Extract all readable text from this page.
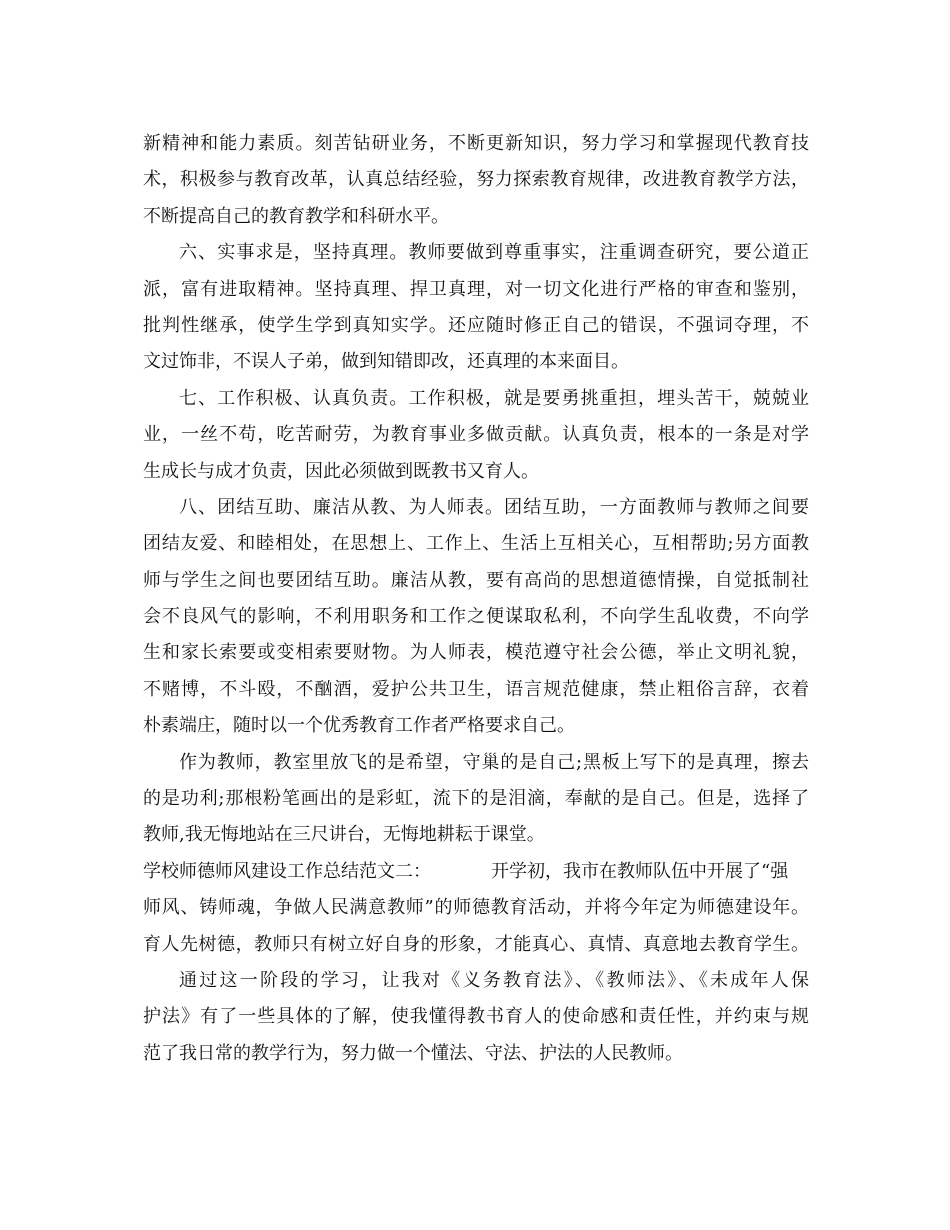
新精神和能力素质。刻苦钻研业务，不断更新知识，努力学习和掌握现代教育技
术，积极参与教育改革，认真总结经验，努力探索教育规律，改进教育教学方法，
不断提高自己的教育教学和科研水平。
六、实事求是，坚持真理。教师要做到尊重事实，注重调查研究，要公道正
派，富有进取精神。坚持真理、捍卫真理，对一切文化进行严格的审查和鉴别，
批判性继承，使学生学到真知实学。还应随时修正自己的错误，不强词夺理，不
文过饰非，不误人子弟，做到知错即改，还真理的本来面目。
七、工作积极、认真负责。工作积极，就是要勇挑重担，埋头苦干，兢兢业
业，一丝不苟，吃苦耐劳，为教育事业多做贡献。认真负责，根本的一条是对学
生成长与成才负责，因此必须做到既教书又育人。
八、团结互助、廉洁从教、为人师表。团结互助，一方面教师与教师之间要
团结友爱、和睦相处，在思想上、工作上、生活上互相关心，互相帮助;另方面教
师与学生之间也要团结互助。廉洁从教，要有高尚的思想道德情操，自觉抵制社
会不良风气的影响，不利用职务和工作之便谋取私利，不向学生乱收费，不向学
生和家长索要或变相索要财物。为人师表，模范遵守社会公德，举止文明礼貌，
不赌博，不斗殴，不酗酒，爱护公共卫生，语言规范健康，禁止粗俗言辞，衣着
朴素端庄，随时以一个优秀教育工作者严格要求自己。
作为教师，教室里放飞的是希望，守巢的是自己;黑板上写下的是真理，擦去
的是功利;那根粉笔画出的是彩虹，流下的是泪滴，奉献的是自己。但是，选择了
教师,我无悔地站在三尺讲台，无悔地耕耘于课堂。
学校师德师风建设工作总结范文二：	开学初，我市在教师队伍中开展了“强
师风、铸师魂，争做人民满意教师”的师德教育活动，并将今年定为师德建设年。
育人先树德，教师只有树立好自身的形象，才能真心、真情、真意地去教育学生。
通过这一阶段的学习，让我对《义务教育法》、《教师法》、《未成年人保
护法》有了一些具体的了解，使我懂得教书育人的使命感和责任性，并约束与规
范了我日常的教学行为，努力做一个懂法、守法、护法的人民教师。
